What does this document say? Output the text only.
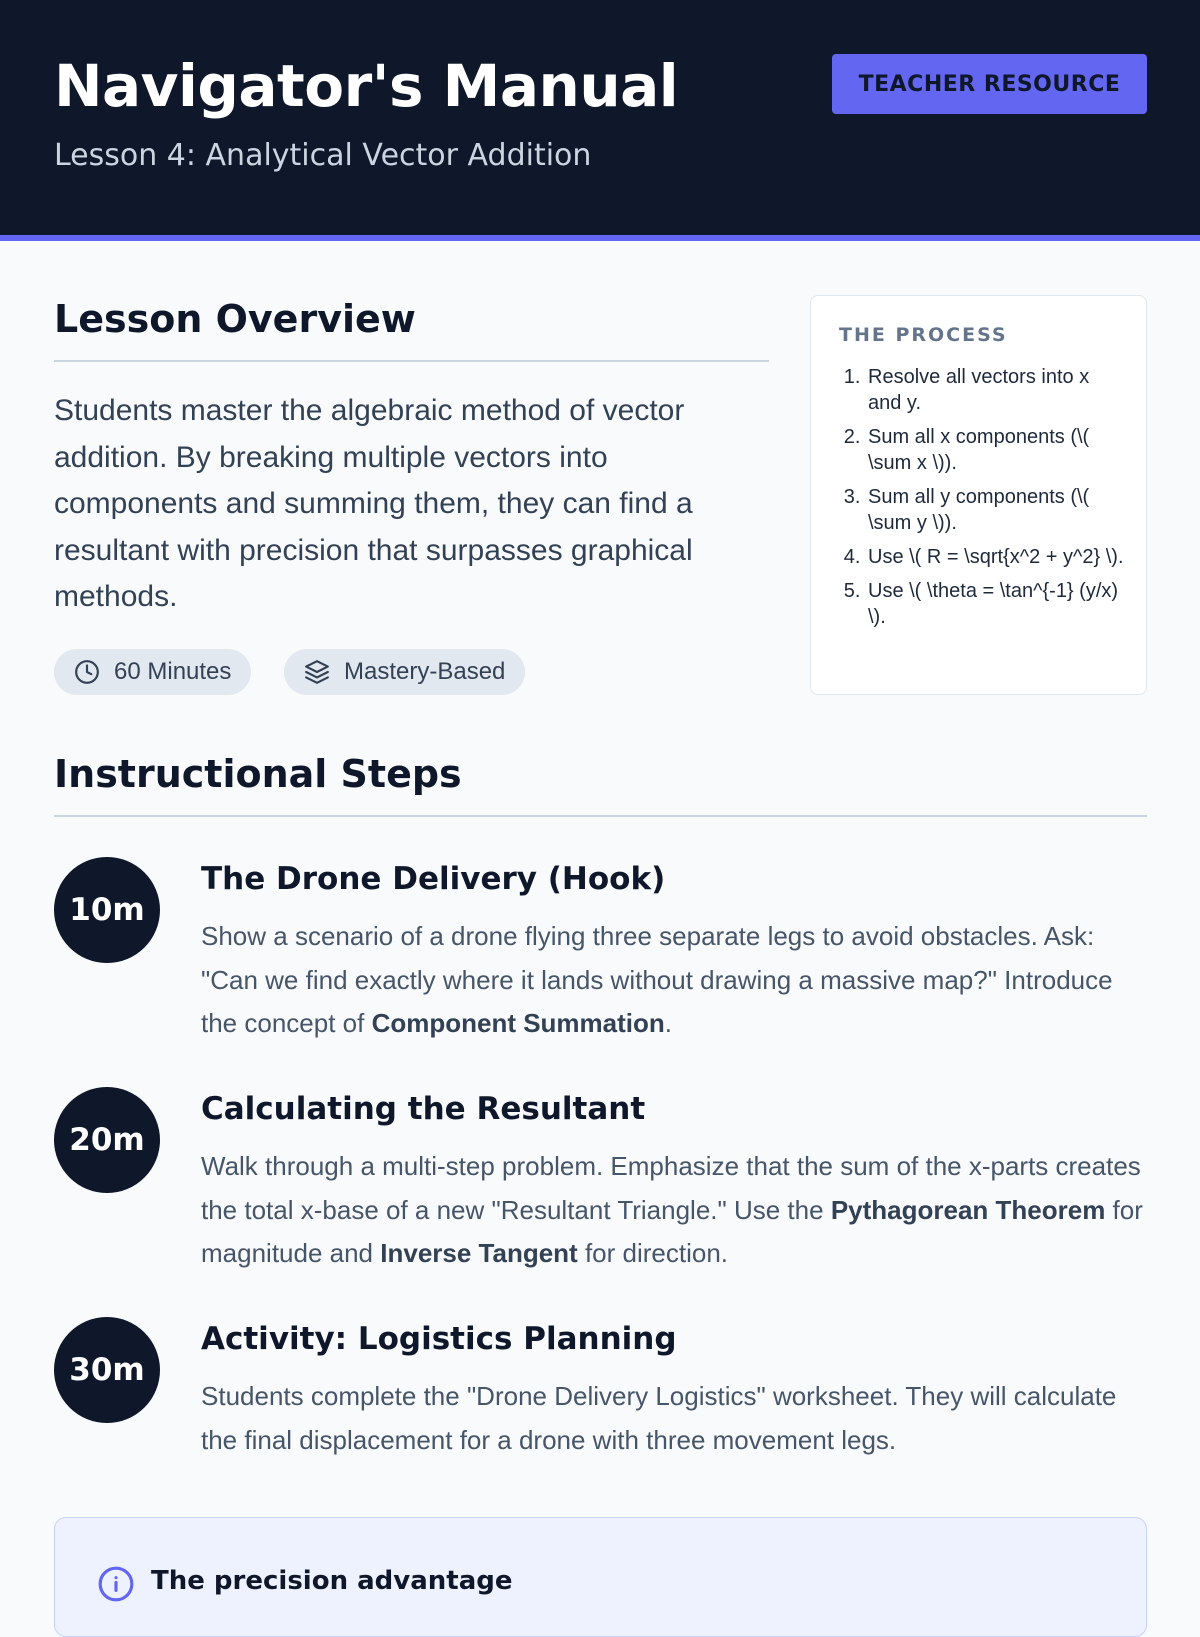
Navigator's Manual
Lesson 4: Analytical Vector Addition
TEACHER RESOURCE
Lesson Overview

Students master the algebraic method of vector addition. By breaking multiple vectors into components and summing them, they can find a resultant with precision that surpasses graphical methods.

60 Minutes	Mastery-Based
THE PROCESS
1. Resolve all vectors into x and y.
2. Sum all x components (\( \sum x \)).
3. Sum all y components (\( \sum y \)).
4. Use \( R = \sqrt{x^2 + y^2} \).
5. Use \( \theta = \tan^{-1} (y/x) \).
Instructional Steps
10m
The Drone Delivery (Hook)

Show a scenario of a drone flying three separate legs to avoid obstacles. Ask: "Can we find exactly where it lands without drawing a massive map?" Introduce the concept of Component Summation.

20m
Calculating the Resultant

Walk through a multi-step problem. Emphasize that the sum of the x-parts creates the total x-base of a new "Resultant Triangle." Use the Pythagorean Theorem for magnitude and Inverse Tangent for direction.

30m
Activity: Logistics Planning

Students complete the "Drone Delivery Logistics" worksheet. They will calculate the final displacement for a drone with three movement legs.

The precision advantage
